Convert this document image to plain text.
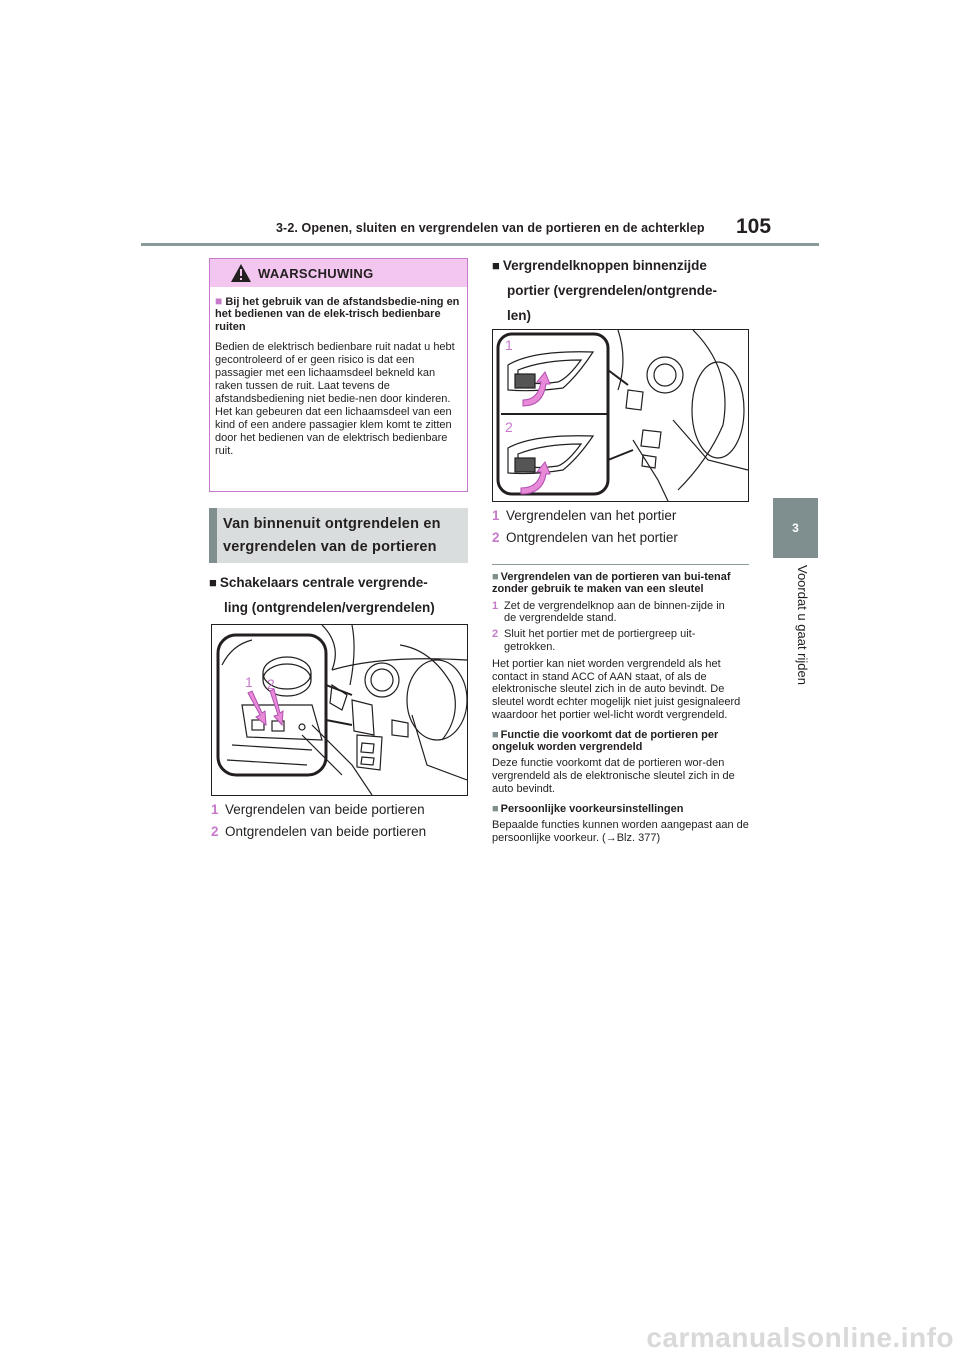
3-2. Openen, sluiten en vergrendelen van de portieren en de achterklep 105
3
Voordat u gaat rijden
WAARSCHUWING
■ Bij het gebruik van de afstandsbedie-ning en het bedienen van de elek-trisch bedienbare ruiten
Bedien de elektrisch bedienbare ruit nadat u hebt gecontroleerd of er geen risico is dat een passagier met een lichaamsdeel bekneld kan raken tussen de ruit. Laat tevens de afstandsbediening niet bedie-nen door kinderen. Het kan gebeuren dat een lichaamsdeel van een kind of een andere passagier klem komt te zitten door het bedienen van de elektrisch bedienbare ruit.
Van binnenuit ontgrendelen en vergrendelen van de portieren
■ Schakelaars centrale vergrende-
ling (ontgrendelen/vergrendelen)
1 2
1 Vergrendelen van beide portieren
2 Ontgrendelen van beide portieren
■ Vergrendelknoppen binnenzijde
portier (vergrendelen/ontgrende-
len)
1
2
1 Vergrendelen van het portier
2 Ontgrendelen van het portier
■ Vergrendelen van de portieren van bui-tenaf zonder gebruik te maken van een sleutel
1 Zet de vergrendelknop aan de binnen-zijde in de vergrendelde stand.
2 Sluit het portier met de portiergreep uit-getrokken.
Het portier kan niet worden vergrendeld als het contact in stand ACC of AAN staat, of als de elektronische sleutel zich in de auto bevindt. De sleutel wordt echter mogelijk niet juist gesignaleerd waardoor het portier wel-licht wordt vergrendeld.
■ Functie die voorkomt dat de portieren per ongeluk worden vergrendeld
Deze functie voorkomt dat de portieren wor-den vergrendeld als de elektronische sleutel zich in de auto bevindt.
■ Persoonlijke voorkeursinstellingen
Bepaalde functies kunnen worden aangepast aan de persoonlijke voorkeur. (→Blz. 377)
carmanualsonline.info
